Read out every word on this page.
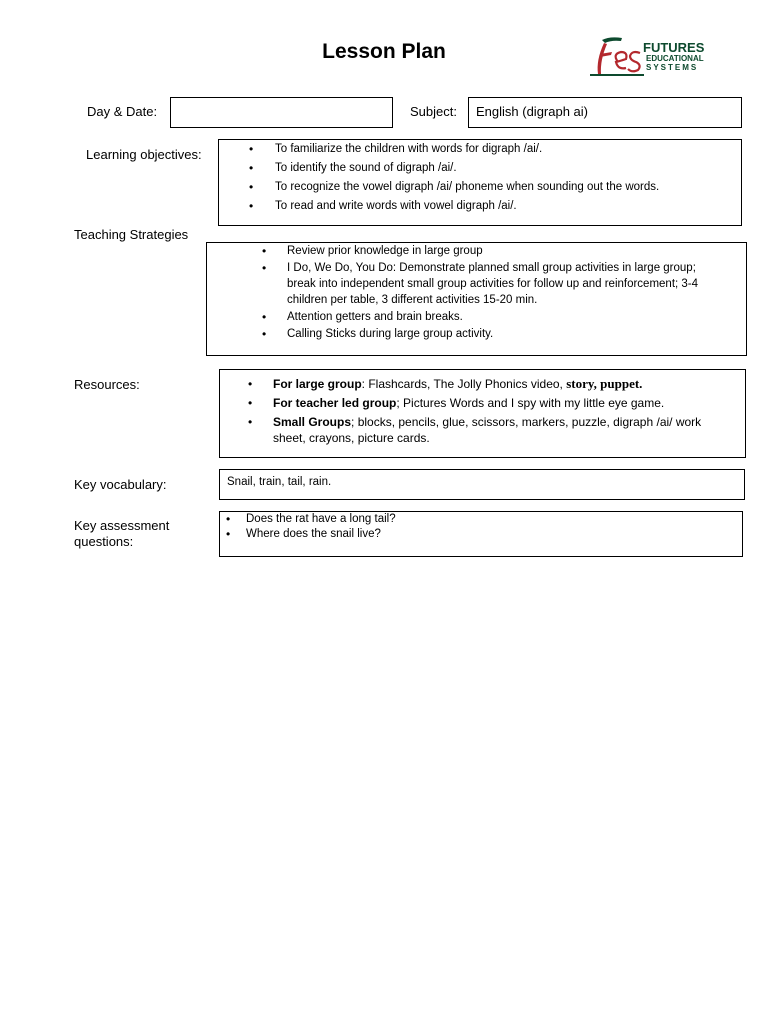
Lesson Plan	FUTURES
EDUCATIONAL
SYSTEMS
Day & Date:	Subject:	English (digraph ai)
Learning objectives:	• To familiarize the children with words for digraph /ai/.
• To identify the sound of digraph /ai/.
• To recognize the vowel digraph /ai/ phoneme when sounding out the words.
• To read and write words with vowel digraph /ai/.
Teaching Strategies
• Review prior knowledge in large group
• I Do, We Do, You Do: Demonstrate planned small group activities in large group; break into independent small group activities for follow up and reinforcement; 3-4 children per table, 3 different activities 15-20 min.
• Attention getters and brain breaks.
• Calling Sticks during large group activity.
Resources:	• For large group: Flashcards, The Jolly Phonics video, story, puppet.
• For teacher led group; Pictures Words and I spy with my little eye game.
• Small Groups; blocks, pencils, glue, scissors, markers, puzzle, digraph /ai/ work sheet, crayons, picture cards.
Key vocabulary:	Snail, train, tail, rain.
Key assessment
questions:
• Does the rat have a long tail?
• Where does the snail live?
